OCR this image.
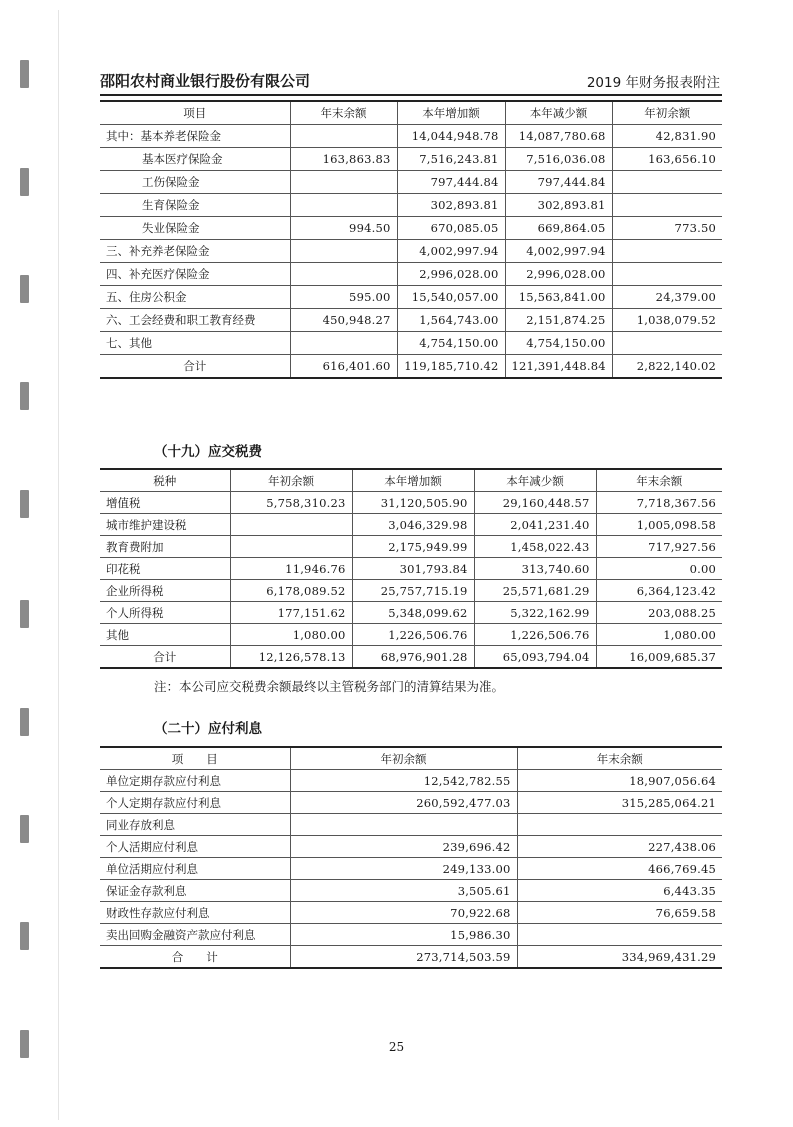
邵阳农村商业银行股份有限公司	2019 年财务报表附注
项目	年末余额	本年增加额	本年减少额	年初余额
其中：基本养老保险金		14,044,948.78	14,087,780.68	42,831.90
基本医疗保险金	163,863.83	7,516,243.81	7,516,036.08	163,656.10
工伤保险金		797,444.84	797,444.84	
生育保险金		302,893.81	302,893.81	
失业保险金	994.50	670,085.05	669,864.05	773.50
三、补充养老保险金		4,002,997.94	4,002,997.94	
四、补充医疗保险金		2,996,028.00	2,996,028.00	
五、住房公积金	595.00	15,540,057.00	15,563,841.00	24,379.00
六、工会经费和职工教育经费	450,948.27	1,564,743.00	2,151,874.25	1,038,079.52
七、其他		4,754,150.00	4,754,150.00	
合计	616,401.60	119,185,710.42	121,391,448.84	2,822,140.02
（十九）应交税费
税种	年初余额	本年增加额	本年减少额	年末余额
增值税	5,758,310.23	31,120,505.90	29,160,448.57	7,718,367.56
城市维护建设税		3,046,329.98	2,041,231.40	1,005,098.58
教育费附加		2,175,949.99	1,458,022.43	717,927.56
印花税	11,946.76	301,793.84	313,740.60	0.00
企业所得税	6,178,089.52	25,757,715.19	25,571,681.29	6,364,123.42
个人所得税	177,151.62	5,348,099.62	5,322,162.99	203,088.25
其他	1,080.00	1,226,506.76	1,226,506.76	1,080.00
合计	12,126,578.13	68,976,901.28	65,093,794.04	16,009,685.37
注：本公司应交税费余额最终以主管税务部门的清算结果为准。
（二十）应付利息
项　　目	年初余额	年末余额
单位定期存款应付利息	12,542,782.55	18,907,056.64
个人定期存款应付利息	260,592,477.03	315,285,064.21
同业存放利息		
个人活期应付利息	239,696.42	227,438.06
单位活期应付利息	249,133.00	466,769.45
保证金存款利息	3,505.61	6,443.35
财政性存款应付利息	70,922.68	76,659.58
卖出回购金融资产款应付利息	15,986.30	
合　　计	273,714,503.59	334,969,431.29
25
